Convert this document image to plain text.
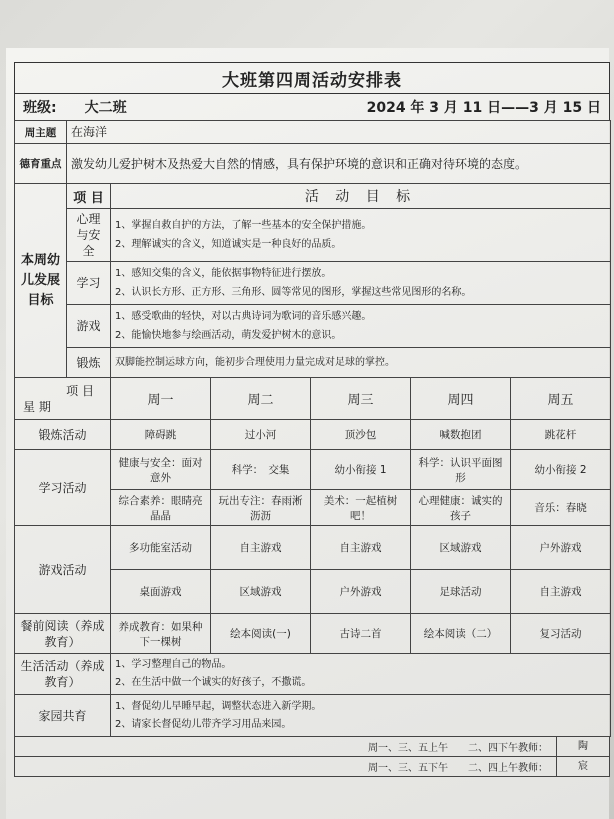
大班第四周活动安排表
班级: 大二班	2024 年 3 月 11 日——3 月 15 日
周主题	在海洋					
德育重点	激发幼儿爱护树木及热爱大自然的情感，具有保护环境的意识和正确对待环境的态度。					
本周幼儿发展目标	项 目	活 动 目 标				
	心理与安全	1、掌握自救自护的方法，了解一些基本的安全保护措施。
2、理解诚实的含义，知道诚实是一种良好的品质。				

	学习	1、感知交集的含义，能依据事物特征进行摆放。
2、认识长方形、正方形、三角形、圆等常见的图形，掌握这些常见图形的名称。				

	游戏	1、感受歌曲的轻快，对以古典诗词为歌词的音乐感兴趣。
2、能愉快地参与绘画活动，萌发爱护树木的意识。				

	锻炼	双脚能控制运球方向，能初步合理使用力量完成对足球的掌控。				

项 目
星 期		周一	周二	周三	周四	周五
锻炼活动		障碍跳	过小河	顶沙包	喊数抱团	跳花杆
学习活动		健康与安全：面对意外	科学：　交集	幼小衔接 1	科学：认识平面图形	幼小衔接 2
		综合素养：眼睛亮晶晶	玩出专注：春雨淅沥沥	美术：一起植树吧！	心理健康：诚实的孩子	音乐：春晓
游戏活动		多功能室活动	自主游戏	自主游戏	区域游戏	户外游戏
		桌面游戏	区域游戏	户外游戏	足球活动	自主游戏
餐前阅读（养成教育）		养成教育：如果种下一棵树	绘本阅读(一)	古诗二首	绘本阅读（二）	复习活动
生活活动（养成教育）		1、学习整理自己的物品。
2、在生活中做一个诚实的好孩子，不撒谎。				

家园共育		1、督促幼儿早睡早起，调整状态进入新学期。
2、请家长督促幼儿带齐学习用品来园。				
周一、三、五上午　　二、四下午教师：	陶
周一、三、五下午　　二、四上午教师：	宸
